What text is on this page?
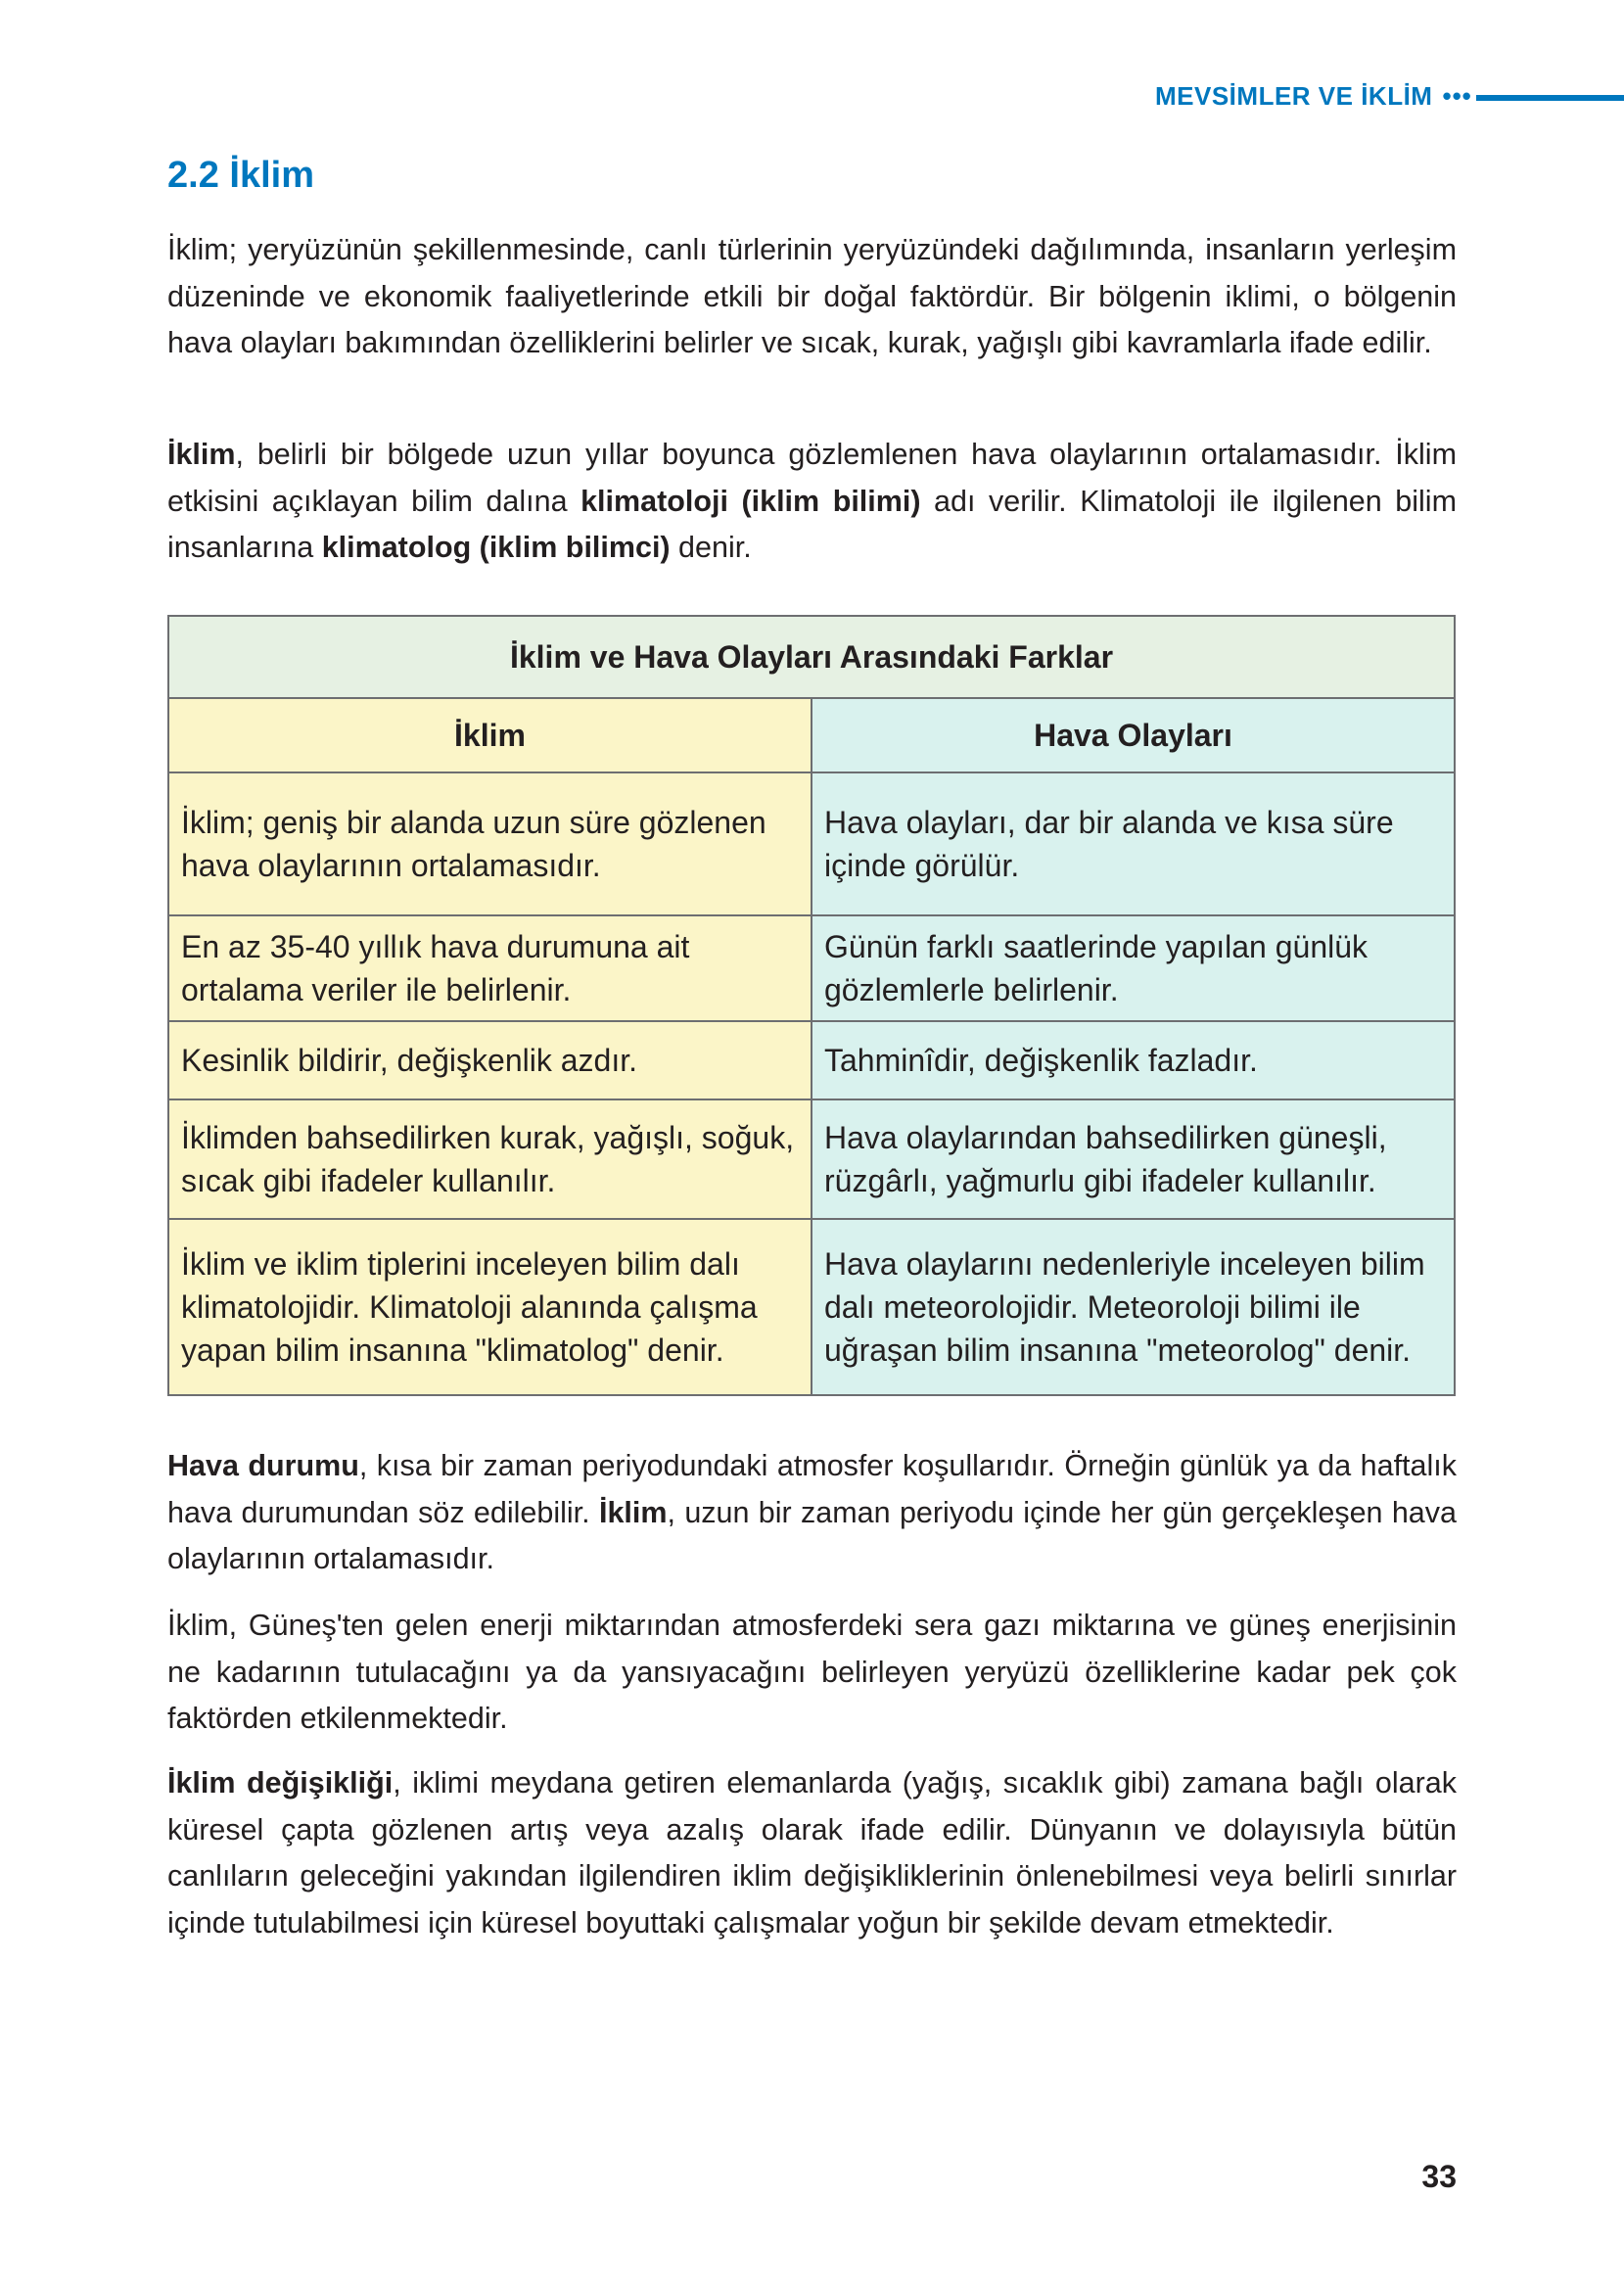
MEVSİMLER VE İKLİM •••
2.2 İklim

İklim; yeryüzünün şekillenmesinde, canlı türlerinin yeryüzündeki dağılımında, insanların yerleşim düzeninde ve ekonomik faaliyetlerinde etkili bir doğal faktördür. Bir bölgenin iklimi, o bölgenin hava olayları bakımından özelliklerini belirler ve sıcak, kurak, yağışlı gibi kavramlarla ifade edilir.

İklim, belirli bir bölgede uzun yıllar boyunca gözlemlenen hava olaylarının ortalamasıdır. İklim etkisini açıklayan bilim dalına klimatoloji (iklim bilimi) adı verilir. Klimatoloji ile ilgilenen bilim insanlarına klimatolog (iklim bilimci) denir.

İklim ve Hava Olayları Arasındaki Farklar	
İklim	Hava Olayları
İklim; geniş bir alanda uzun süre gözlenen hava olaylarının ortalamasıdır.	Hava olayları, dar bir alanda ve kısa süre içinde görülür.
En az 35-40 yıllık hava durumuna ait ortalama veriler ile belirlenir.	Günün farklı saatlerinde yapılan günlük gözlemlerle belirlenir.
Kesinlik bildirir, değişkenlik azdır.	Tahminîdir, değişkenlik fazladır.
İklimden bahsedilirken kurak, yağışlı, soğuk, sıcak gibi ifadeler kullanılır.	Hava olaylarından bahsedilirken güneşli, rüzgârlı, yağmurlu gibi ifadeler kullanılır.
İklim ve iklim tiplerini inceleyen bilim dalı klimatolojidir. Klimatoloji alanında çalışma yapan bilim insanına "klimatolog" denir.	Hava olaylarını nedenleriyle inceleyen bilim dalı meteorolojidir. Meteoroloji bilimi ile uğraşan bilim insanına "meteorolog" denir.

Hava durumu, kısa bir zaman periyodundaki atmosfer koşullarıdır. Örneğin günlük ya da haftalık hava durumundan söz edilebilir. İklim, uzun bir zaman periyodu içinde her gün gerçekleşen hava olaylarının ortalamasıdır.

İklim, Güneş'ten gelen enerji miktarından atmosferdeki sera gazı miktarına ve güneş enerjisinin ne kadarının tutulacağını ya da yansıyacağını belirleyen yeryüzü özelliklerine kadar pek çok faktörden etkilenmektedir.

İklim değişikliği, iklimi meydana getiren elemanlarda (yağış, sıcaklık gibi) zamana bağlı olarak küresel çapta gözlenen artış veya azalış olarak ifade edilir. Dünyanın ve dolayısıyla bütün canlıların geleceğini yakından ilgilendiren iklim değişikliklerinin önlenebilmesi veya belirli sınırlar içinde tutulabilmesi için küresel boyuttaki çalışmalar yoğun bir şekilde devam etmektedir.

33
